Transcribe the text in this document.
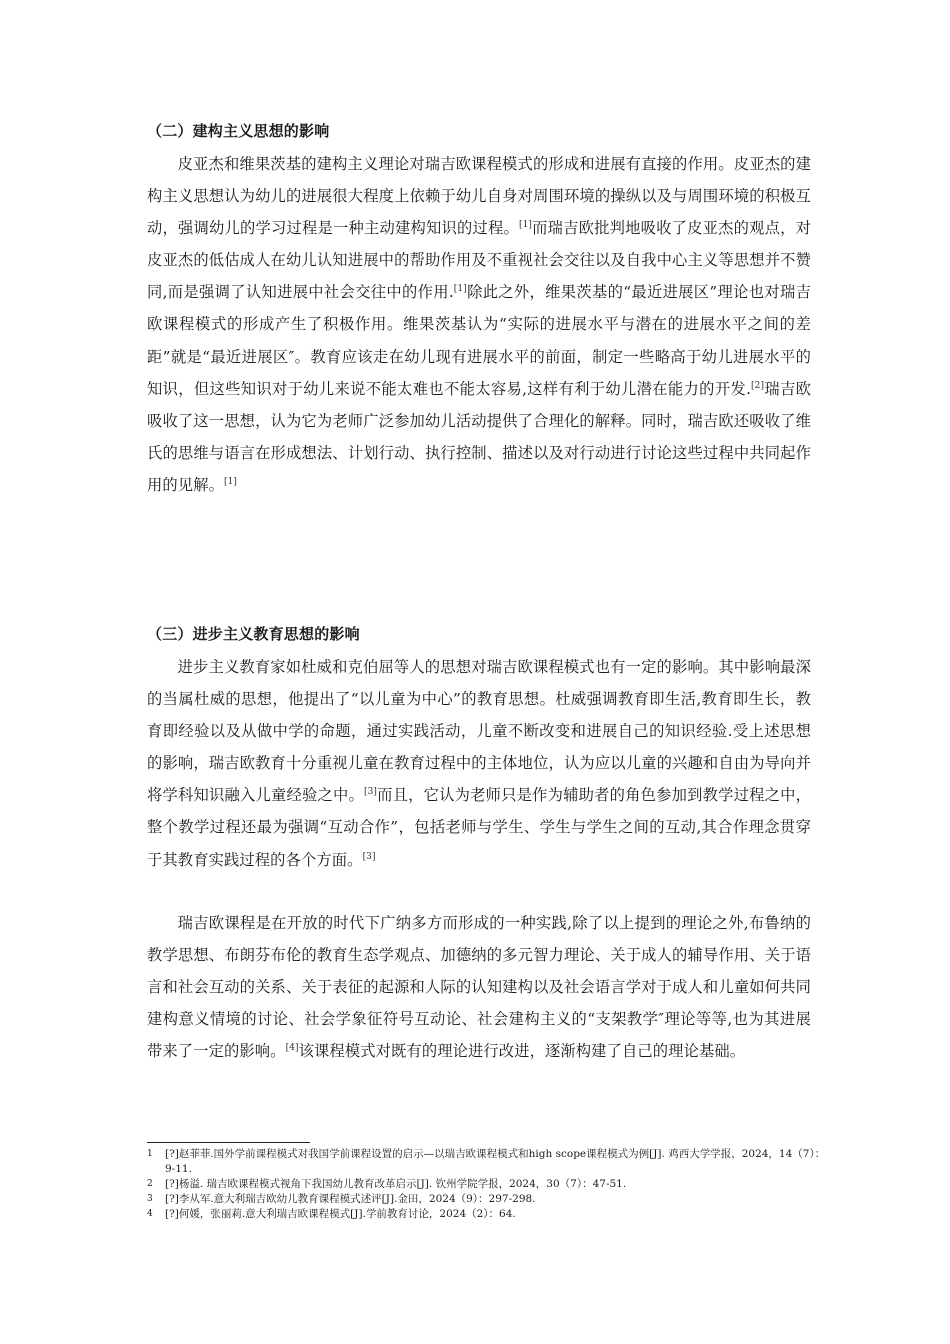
（二）建构主义思想的影响

皮亚杰和维果茨基的建构主义理论对瑞吉欧课程模式的形成和进展有直接的作用。皮亚杰的建构主义思想认为幼儿的进展很大程度上依赖于幼儿自身对周围环境的操纵以及与周围环境的积极互动，强调幼儿的学习过程是一种主动建构知识的过程。[1]而瑞吉欧批判地吸收了皮亚杰的观点，对皮亚杰的低估成人在幼儿认知进展中的帮助作用及不重视社会交往以及自我中心主义等思想并不赞同,而是强调了认知进展中社会交往中的作用.[1]除此之外，维果茨基的“最近进展区”理论也对瑞吉欧课程模式的形成产生了积极作用。维果茨基认为“实际的进展水平与潜在的进展水平之间的差距”就是“最近进展区″。教育应该走在幼儿现有进展水平的前面，制定一些略高于幼儿进展水平的知识，但这些知识对于幼儿来说不能太难也不能太容易,这样有利于幼儿潜在能力的开发.[2]瑞吉欧吸收了这一思想，认为它为老师广泛参加幼儿活动提供了合理化的解释。同时，瑞吉欧还吸收了维氏的思维与语言在形成想法、计划行动、执行控制、描述以及对行动进行讨论这些过程中共同起作用的见解。[1]

（三）进步主义教育思想的影响

进步主义教育家如杜威和克伯屈等人的思想对瑞吉欧课程模式也有一定的影响。其中影响最深的当属杜威的思想，他提出了“以儿童为中心”的教育思想。杜威强调教育即生活,教育即生长，教育即经验以及从做中学的命题，通过实践活动，儿童不断改变和进展自己的知识经验.受上述思想的影响，瑞吉欧教育十分重视儿童在教育过程中的主体地位，认为应以儿童的兴趣和自由为导向并将学科知识融入儿童经验之中。[3]而且，它认为老师只是作为辅助者的角色参加到教学过程之中，整个教学过程还最为强调“互动合作”，包括老师与学生、学生与学生之间的互动,其合作理念贯穿于其教育实践过程的各个方面。[3]

瑞吉欧课程是在开放的时代下广纳多方而形成的一种实践,除了以上提到的理论之外,布鲁纳的教学思想、布朗芬布伦的教育生态学观点、加德纳的多元智力理论、关于成人的辅导作用、关于语言和社会互动的关系、关于表征的起源和人际的认知建构以及社会语言学对于成人和儿童如何共同建构意义情境的讨论、社会学象征符号互动论、社会建构主义的“支架教学″理论等等,也为其进展带来了一定的影响。[4]该课程模式对既有的理论进行改进，逐渐构建了自己的理论基础。

1 [?]赵菲菲.国外学前课程模式对我国学前课程设置的启示—以瑞吉欧课程模式和high scope课程模式为例[J]. 鸡西大学学报，2024，14（7）：9-11.

2 [?]杨溢. 瑞吉欧课程模式视角下我国幼儿教育改革启示[J]. 钦州学院学报，2024，30（7）：47-51.

3 [?]李从军.意大利瑞吉欧幼儿教育课程模式述评[J].金田，2024（9）：297-298.

4 [?]何媛，张丽莉.意大利瑞吉欧课程模式[J].学前教育讨论，2024（2）：64.
